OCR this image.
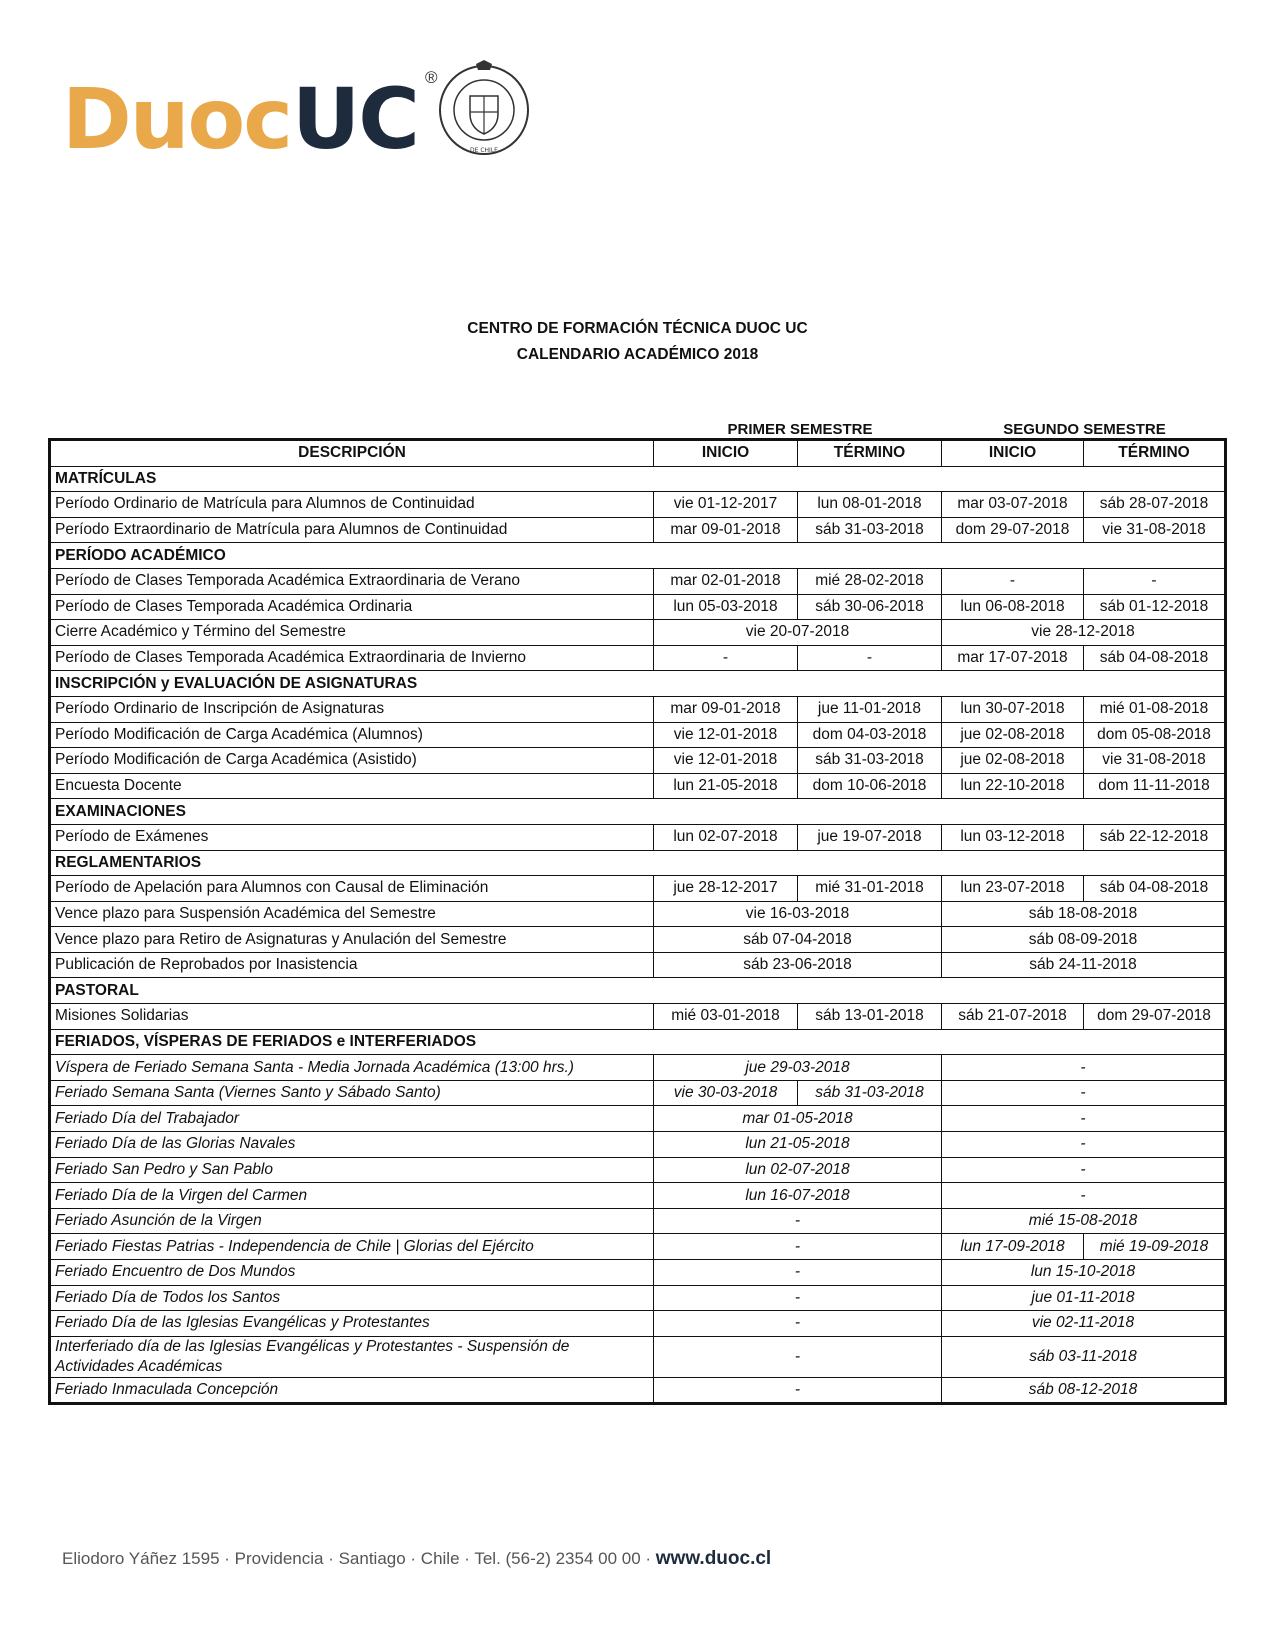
Duoc UC ®
DE CHILE
CENTRO DE FORMACIÓN TÉCNICA DUOC UC
CALENDARIO ACADÉMICO 2018
PRIMER SEMESTRE	SEGUNDO SEMESTRE
DESCRIPCIÓN	INICIO	TÉRMINO	INICIO	TÉRMINO
MATRÍCULAS				
Período Ordinario de Matrícula para Alumnos de Continuidad	vie 01-12-2017	lun 08-01-2018	mar 03-07-2018	sáb 28-07-2018
Período Extraordinario de Matrícula para Alumnos de Continuidad	mar 09-01-2018	sáb 31-03-2018	dom 29-07-2018	vie 31-08-2018
PERÍODO ACADÉMICO				
Período de Clases Temporada Académica Extraordinaria de Verano	mar 02-01-2018	mié 28-02-2018	-	-
Período de Clases Temporada Académica Ordinaria	lun 05-03-2018	sáb 30-06-2018	lun 06-08-2018	sáb 01-12-2018
Cierre Académico y Término del Semestre	vie 20-07-2018		vie 28-12-2018	
Período de Clases Temporada Académica Extraordinaria de Invierno	-	-	mar 17-07-2018	sáb 04-08-2018
INSCRIPCIÓN y EVALUACIÓN DE ASIGNATURAS				
Período Ordinario de Inscripción de Asignaturas	mar 09-01-2018	jue 11-01-2018	lun 30-07-2018	mié 01-08-2018
Período Modificación de Carga Académica (Alumnos)	vie 12-01-2018	dom 04-03-2018	jue 02-08-2018	dom 05-08-2018
Período Modificación de Carga Académica (Asistido)	vie 12-01-2018	sáb 31-03-2018	jue 02-08-2018	vie 31-08-2018
Encuesta Docente	lun 21-05-2018	dom 10-06-2018	lun 22-10-2018	dom 11-11-2018
EXAMINACIONES				
Período de Exámenes	lun 02-07-2018	jue 19-07-2018	lun 03-12-2018	sáb 22-12-2018
REGLAMENTARIOS				
Período de Apelación para Alumnos con Causal de Eliminación	jue 28-12-2017	mié 31-01-2018	lun 23-07-2018	sáb 04-08-2018
Vence plazo para Suspensión Académica del Semestre	vie 16-03-2018		sáb 18-08-2018	
Vence plazo para Retiro de Asignaturas y Anulación del Semestre	sáb 07-04-2018		sáb 08-09-2018	
Publicación de Reprobados por Inasistencia	sáb 23-06-2018		sáb 24-11-2018	
PASTORAL				
Misiones Solidarias	mié 03-01-2018	sáb 13-01-2018	sáb 21-07-2018	dom 29-07-2018
FERIADOS, VÍSPERAS DE FERIADOS e INTERFERIADOS				
Víspera de Feriado Semana Santa - Media Jornada Académica (13:00 hrs.)	jue 29-03-2018		-	
Feriado Semana Santa (Viernes Santo y Sábado Santo)	vie 30-03-2018	sáb 31-03-2018	-	
Feriado Día del Trabajador	mar 01-05-2018		-	
Feriado Día de las Glorias Navales	lun 21-05-2018		-	
Feriado San Pedro y San Pablo	lun 02-07-2018		-	
Feriado Día de la Virgen del Carmen	lun 16-07-2018		-	
Feriado Asunción de la Virgen	-		mié 15-08-2018	
Feriado Fiestas Patrias - Independencia de Chile | Glorias del Ejército	-		lun 17-09-2018	mié 19-09-2018
Feriado Encuentro de Dos Mundos	-		lun 15-10-2018	
Feriado Día de Todos los Santos	-		jue 01-11-2018	
Feriado Día de las Iglesias Evangélicas y Protestantes	-		vie 02-11-2018	
Interferiado día de las Iglesias Evangélicas y Protestantes - Suspensión de Actividades Académicas	-		sáb 03-11-2018	
Feriado Inmaculada Concepción	-		sáb 08-12-2018	
Eliodoro Yáñez 1595 · Providencia · Santiago · Chile · Tel. (56-2) 2354 00 00 · www.duoc.cl
